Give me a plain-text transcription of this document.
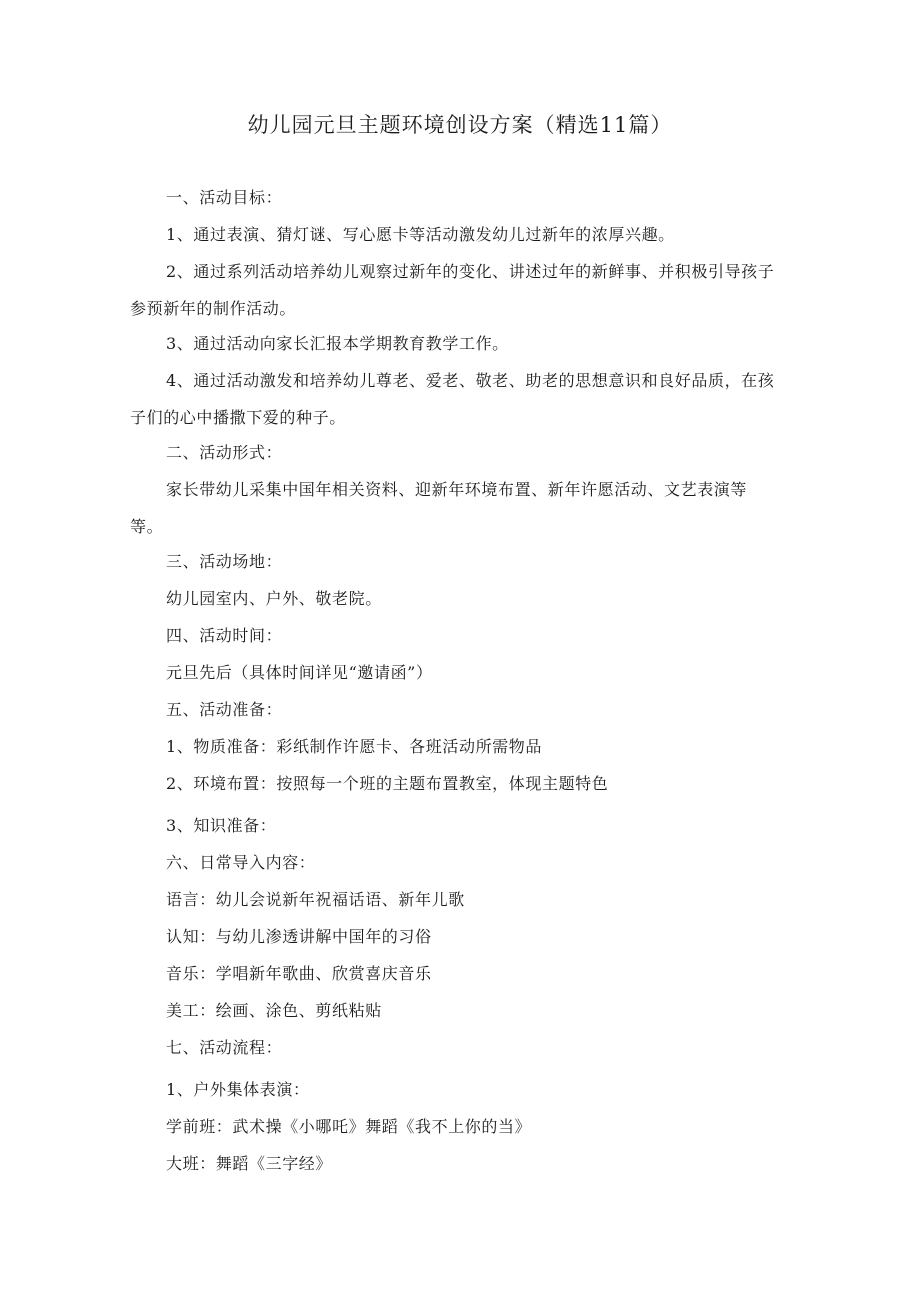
幼儿园元旦主题环境创设方案（精选11篇）

一、活动目标：

1、通过表演、猜灯谜、写心愿卡等活动激发幼儿过新年的浓厚兴趣。

2、通过系列活动培养幼儿观察过新年的变化、讲述过年的新鲜事、并积极引导孩子
参预新年的制作活动。

3、通过活动向家长汇报本学期教育教学工作。

4、通过活动激发和培养幼儿尊老、爱老、敬老、助老的思想意识和良好品质，在孩
子们的心中播撒下爱的种子。

二、活动形式：

家长带幼儿采集中国年相关资料、迎新年环境布置、新年许愿活动、文艺表演等
等。

三、活动场地：

幼儿园室内、户外、敬老院。

四、活动时间：

元旦先后（具体时间详见“邀请函”）

五、活动准备：

1、物质准备：彩纸制作许愿卡、各班活动所需物品

2、环境布置：按照每一个班的主题布置教室，体现主题特色

3、知识准备：

六、日常导入内容：

语言：幼儿会说新年祝福话语、新年儿歌

认知：与幼儿渗透讲解中国年的习俗

音乐：学唱新年歌曲、欣赏喜庆音乐

美工：绘画、涂色、剪纸粘贴

七、活动流程：

1、户外集体表演：

学前班：武术操《小哪吒》舞蹈《我不上你的当》

大班：舞蹈《三字经》
